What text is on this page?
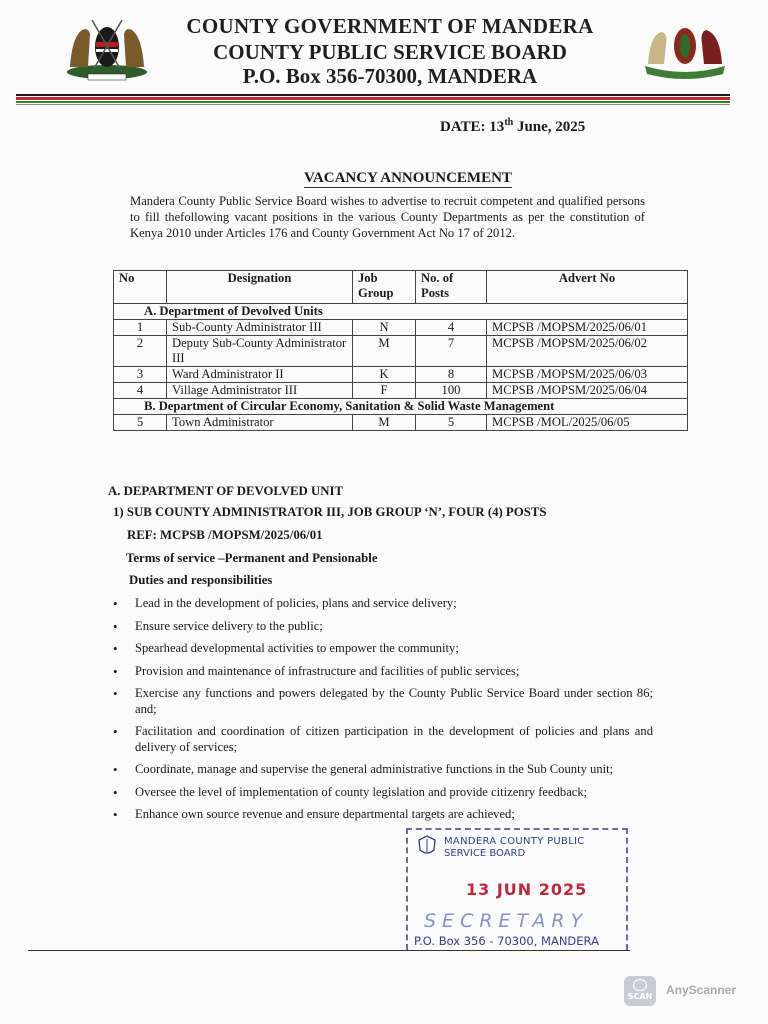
COUNTY GOVERNMENT OF MANDERA
COUNTY PUBLIC SERVICE BOARD
P.O. Box 356-70300, MANDERA
DATE: 13th June, 2025
VACANCY ANNOUNCEMENT
Mandera County Public Service Board wishes to advertise to recruit competent and qualified persons to fill thefollowing vacant positions in the various County Departments as per the constitution of Kenya 2010 under Articles 176 and County Government Act No 17 of 2012.
No	Designation	Job Group	No. of Posts	Advert No
A. Department of Devolved Units				
1	Sub-County Administrator III	N	4	MCPSB /MOPSM/2025/06/01
2	Deputy Sub-County Administrator III	M	7	MCPSB /MOPSM/2025/06/02
3	Ward Administrator II	K	8	MCPSB /MOPSM/2025/06/03
4	Village Administrator III	F	100	MCPSB /MOPSM/2025/06/04
B. Department of Circular Economy, Sanitation & Solid Waste Management				
5	Town Administrator	M	5	MCPSB /MOL/2025/06/05
A. DEPARTMENT OF DEVOLVED UNIT
1) SUB COUNTY ADMINISTRATOR III, JOB GROUP ‘N’, FOUR (4) POSTS
REF: MCPSB /MOPSM/2025/06/01
Terms of service –Permanent and Pensionable
Duties and responsibilities
• Lead in the development of policies, plans and service delivery;
• Ensure service delivery to the public;
• Spearhead developmental activities to empower the community;
• Provision and maintenance of infrastructure and facilities of public services;
• Exercise any functions and powers delegated by the County Public Service Board under section 86; and;
• Facilitation and coordination of citizen participation in the development of policies and plans and delivery of services;
• Coordinate, manage and supervise the general administrative functions in the Sub County unit;
• Oversee the level of implementation of county legislation and provide citizenry feedback;
• Enhance own source revenue and ensure departmental targets are achieved;
MANDERA COUNTY PUBLIC
SERVICE BOARD
13 JUN 2025
SECRETARY
P.O. Box 356 - 70300, MANDERA
SCAN	AnyScanner
